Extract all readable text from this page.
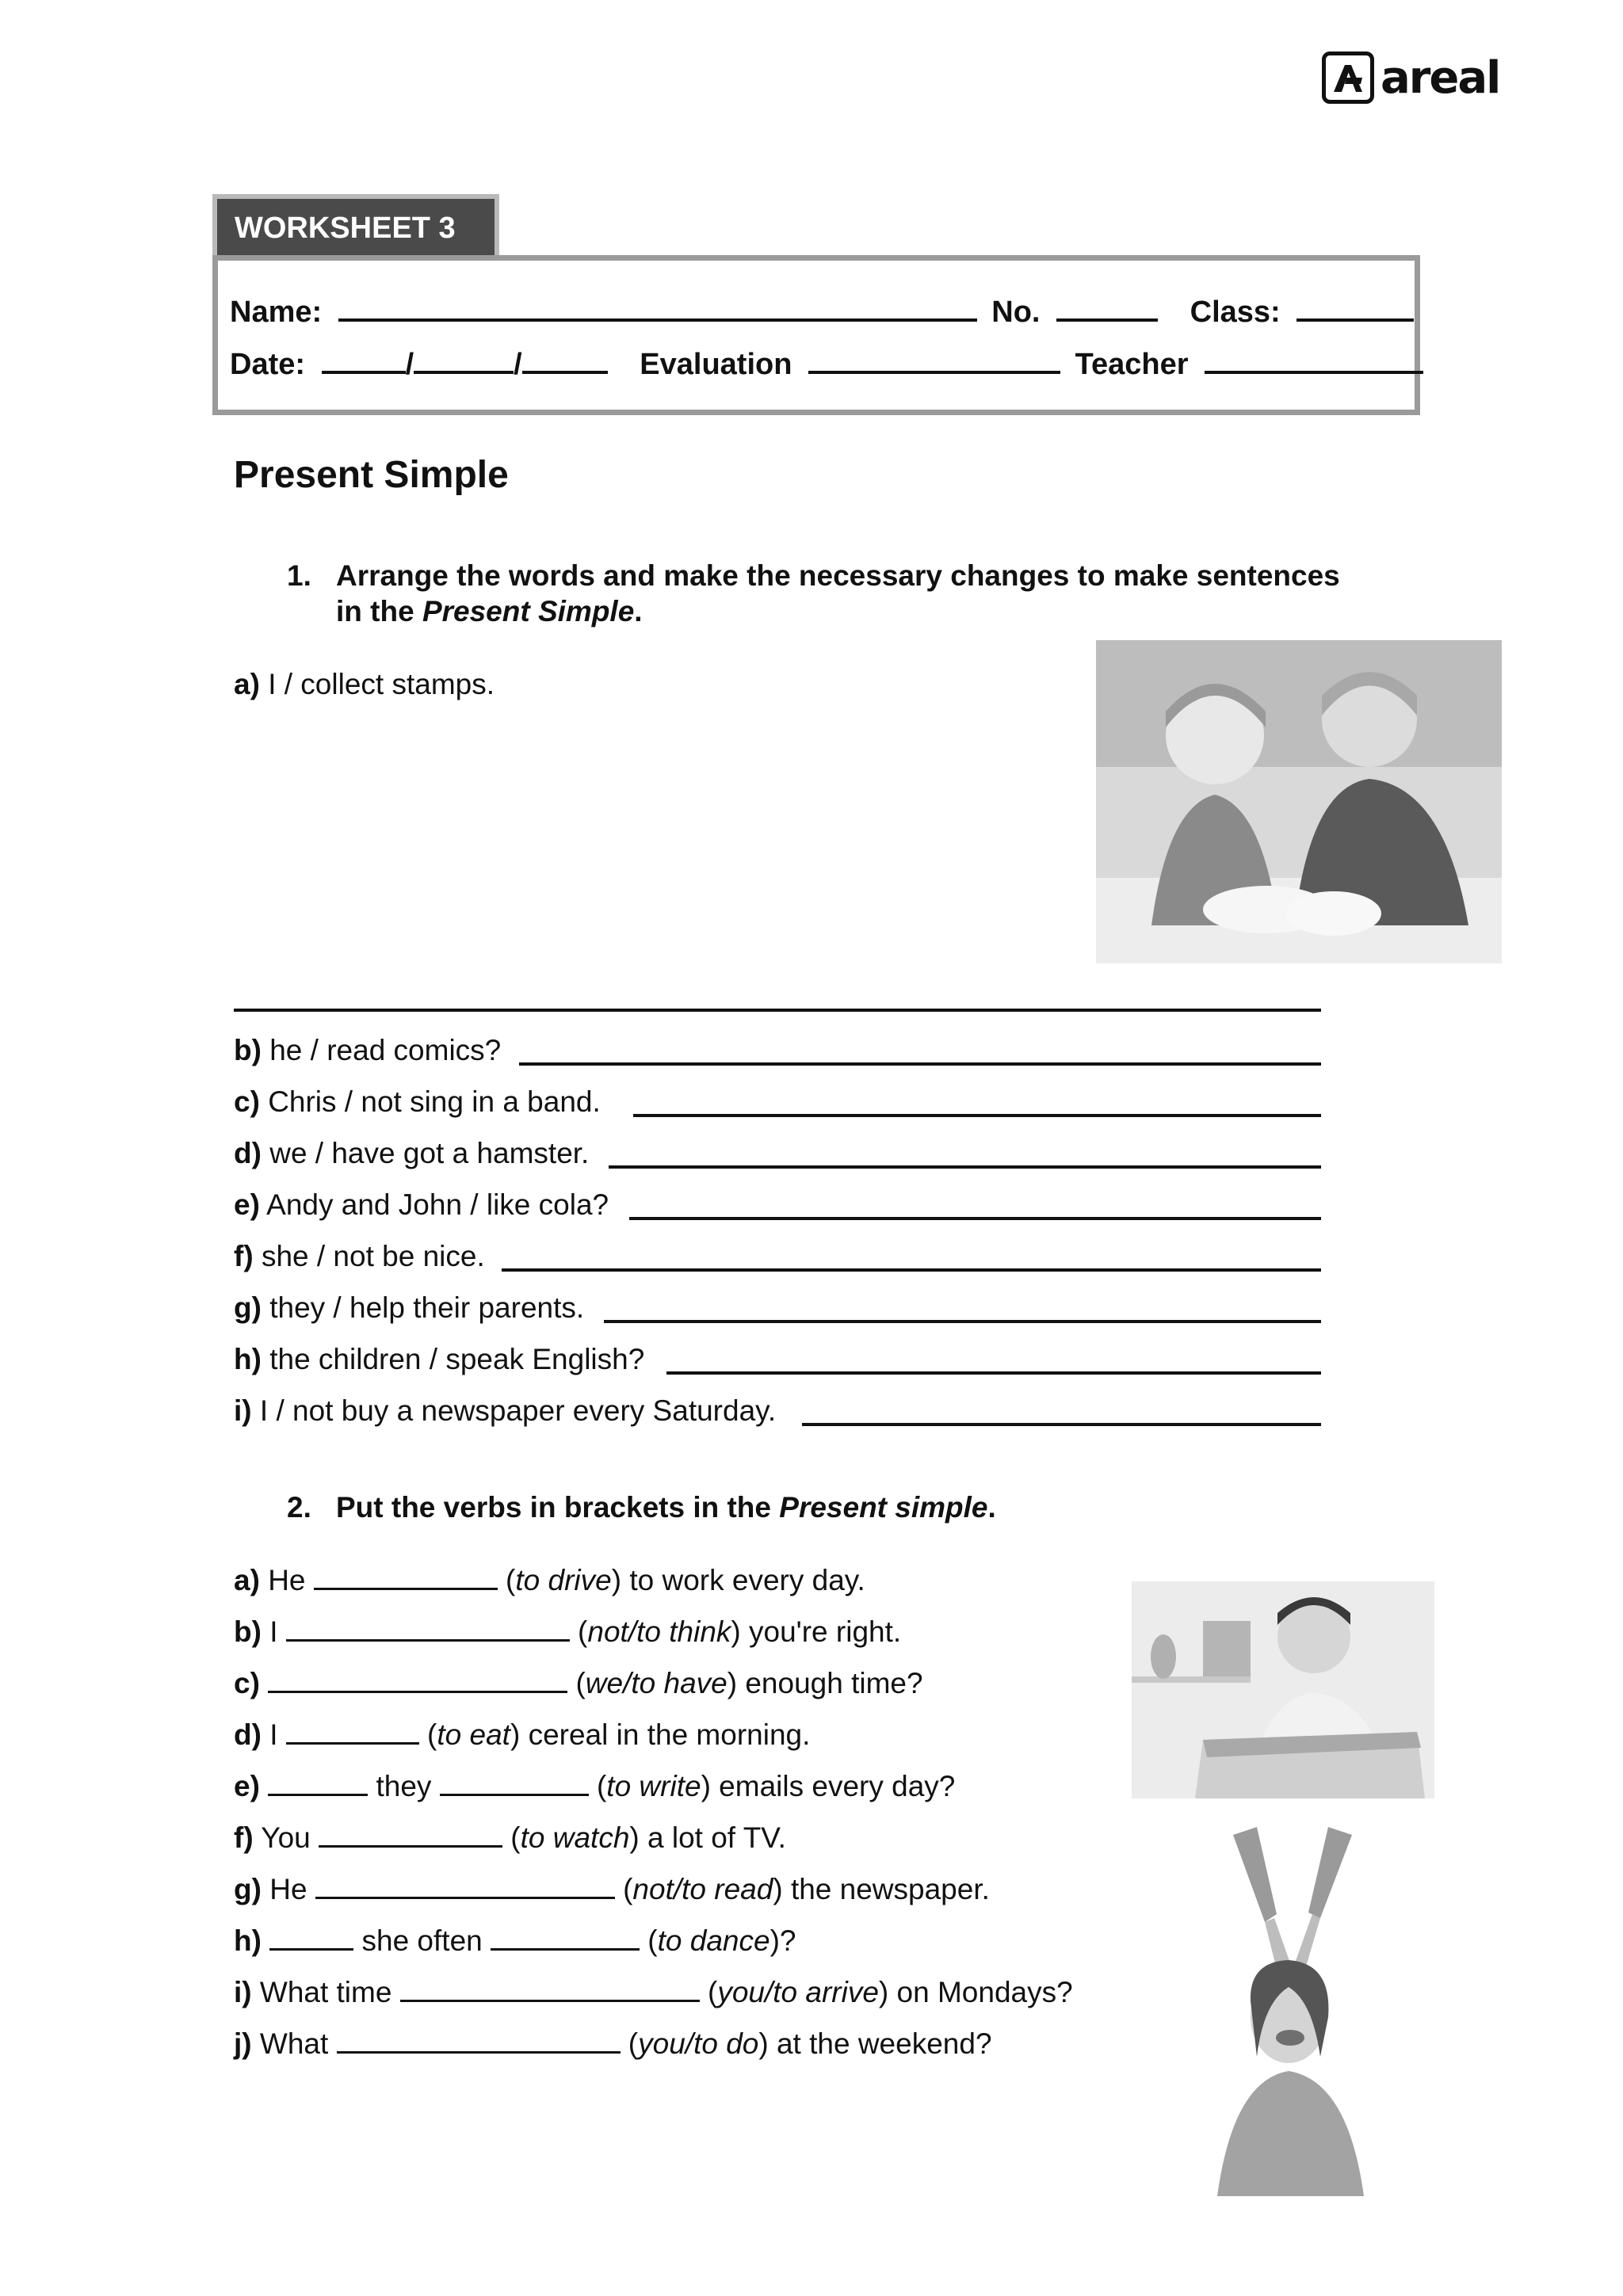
areal
WORKSHEET 3
Name:	No.	Class:
Date:	/	/	Evaluation	Teacher
Present Simple
1. Arrange the words and make the necessary changes to make sentences
in the Present Simple.
a) I / collect stamps.
b) he / read comics?
c) Chris / not sing in a band.
d) we / have got a hamster.
e) Andy and John / like cola?
f) she / not be nice.
g) they / help their parents.
h) the children / speak English?
i) I / not buy a newspaper every Saturday.
2. Put the verbs in brackets in the Present simple.
a) He	(to drive) to work every day.
b) I	(not/to think) you're right.
c)	(we/to have) enough time?
d) I	(to eat) cereal in the morning.
e)	they	(to write) emails every day?
f) You	(to watch) a lot of TV.
g) He	(not/to read) the newspaper.
h)	she often	(to dance)?
i) What time	(you/to arrive) on Mondays?
j) What	(you/to do) at the weekend?
